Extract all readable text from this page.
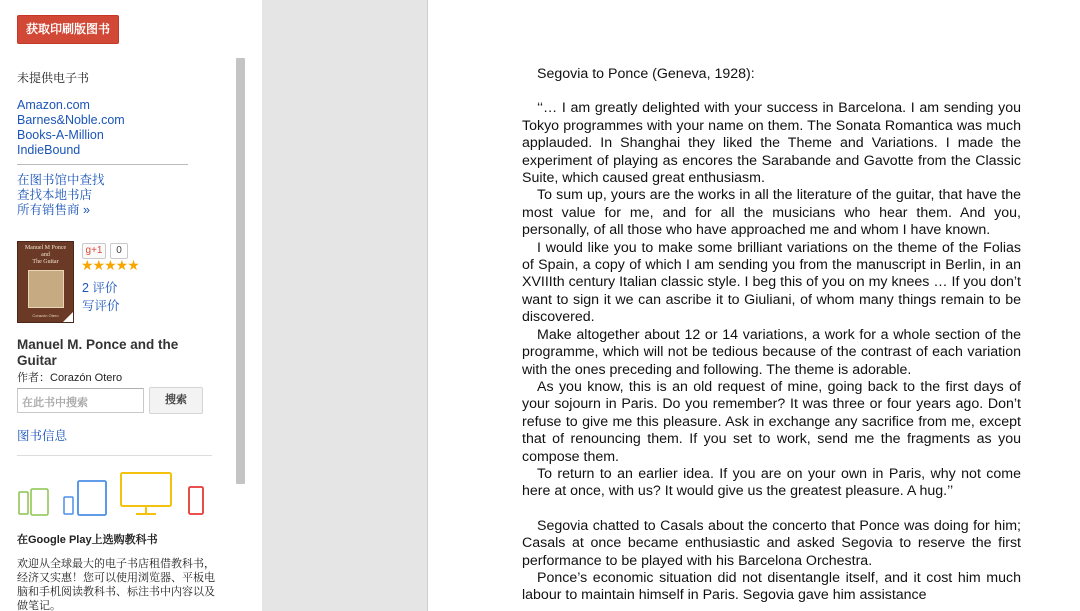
获取印刷版图书
未提供电子书
Amazon.com
Barnes&Noble.com
Books-A-Million
IndieBound
在图书馆中查找
查找本地书店
所有销售商 »
Manuel M Ponce
and
The Guitar
Corazón Otero
g+1	0
★★★★★
2 评价
写评价
Manuel M. Ponce and the Guitar
作者：Corazón Otero
在此书中搜索	搜索
图书信息
在Google Play上选购教科书
欢迎从全球最大的电子书店租借教科书，经济又实惠！您可以使用浏览器、平板电脑和手机阅读教科书、标注书中内容以及做笔记。

Segovia to Ponce (Geneva, 1928):

‘‘… I am greatly delighted with your success in Barcelona. I am sending you Tokyo programmes with your name on them. The Sonata Romantica was much applauded. In Shanghai they liked the Theme and Variations. I made the experiment of playing as encores the Sarabande and Gavotte from the Classic Suite, which caused great enthusiasm.

To sum up, yours are the works in all the literature of the guitar, that have the most value for me, and for all the musicians who hear them. And you, personally, of all those who have approached me and whom I have known.

I would like you to make some brilliant variations on the theme of the Folias of Spain, a copy of which I am sending you from the manuscript in Berlin, in an XVIIIth century Italian classic style. I beg this of you on my knees … If you don’t want to sign it we can ascribe it to Giuliani, of whom many things remain to be discovered.

Make altogether about 12 or 14 variations, a work for a whole section of the programme, which will not be tedious because of the contrast of each variation with the ones preceding and following. The theme is adorable.

As you know, this is an old request of mine, going back to the first days of your sojourn in Paris. Do you remember? It was three or four years ago. Don’t refuse to give me this pleasure. Ask in exchange any sacrifice from me, except that of renouncing them. If you set to work, send me the fragments as you compose them.

To return to an earlier idea. If you are on your own in Paris, why not come here at once, with us? It would give us the greatest pleasure. A hug.’’

Segovia chatted to Casals about the concerto that Ponce was doing for him; Casals at once became enthusiastic and asked Segovia to reserve the first performance to be played with his Barcelona Orchestra.

Ponce’s economic situation did not disentangle itself, and it cost him much labour to maintain himself in Paris. Segovia gave him assistance
